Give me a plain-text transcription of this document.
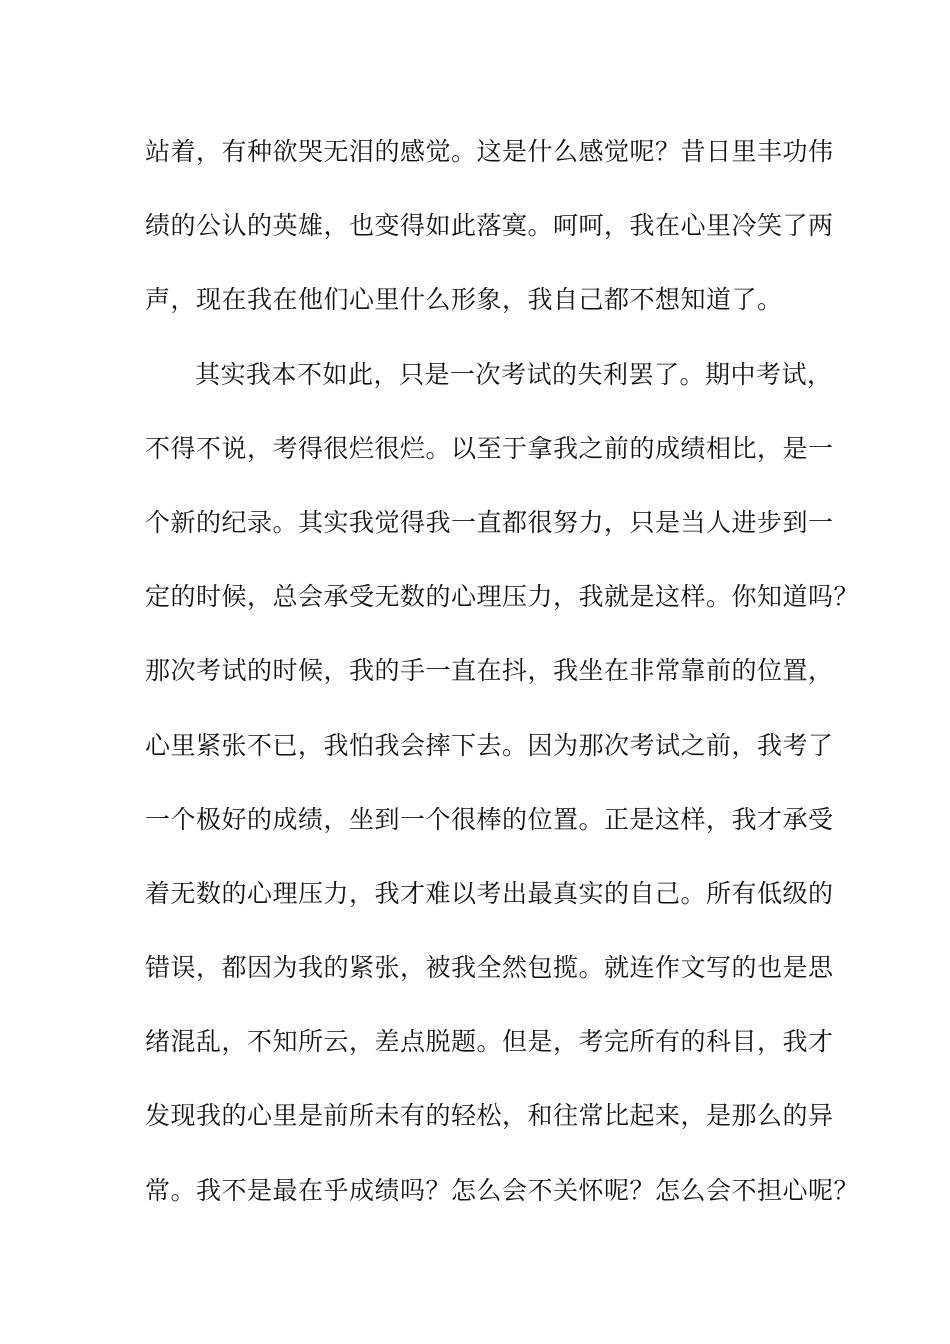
站着，有种欲哭无泪的感觉。这是什么感觉呢？昔日里丰功伟
绩的公认的英雄，也变得如此落寞。呵呵，我在心里冷笑了两
声，现在我在他们心里什么形象，我自己都不想知道了。
其实我本不如此，只是一次考试的失利罢了。期中考试，
不得不说，考得很烂很烂。以至于拿我之前的成绩相比，是一
个新的纪录。其实我觉得我一直都很努力，只是当人进步到一
定的时候，总会承受无数的心理压力，我就是这样。你知道吗？
那次考试的时候，我的手一直在抖，我坐在非常靠前的位置，
心里紧张不已，我怕我会摔下去。因为那次考试之前，我考了
一个极好的成绩，坐到一个很棒的位置。正是这样，我才承受
着无数的心理压力，我才难以考出最真实的自己。所有低级的
错误，都因为我的紧张，被我全然包揽。就连作文写的也是思
绪混乱，不知所云，差点脱题。但是，考完所有的科目，我才
发现我的心里是前所未有的轻松，和往常比起来，是那么的异
常。我不是最在乎成绩吗？怎么会不关怀呢？怎么会不担心呢？
